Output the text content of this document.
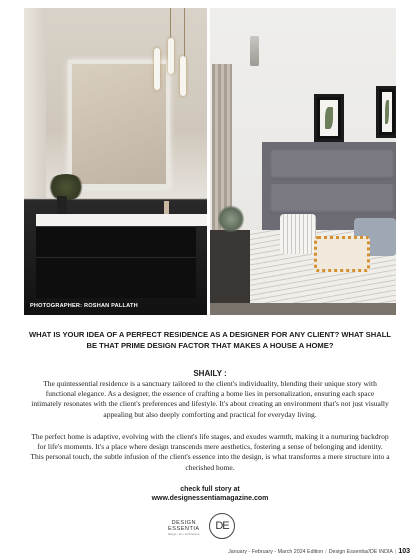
PHOTOGRAPHER: ROSHAN PALLATH
WHAT IS YOUR IDEA OF A PERFECT RESIDENCE AS A DESIGNER FOR ANY CLIENT? WHAT SHALL BE THAT PRIME DESIGN FACTOR THAT MAKES A HOUSE A HOME?
SHAILY :

The quintessential residence is a sanctuary tailored to the client's individuality, blending their unique story with functional elegance. As a designer, the essence of crafting a home lies in personalization, ensuring each space intimately resonates with the client's preferences and lifestyle. It's about creating an environment that's not just visually appealing but also deeply comforting and practical for everyday living.

The perfect home is adaptive, evolving with the client's life stages, and exudes warmth, making it a nurturing backdrop for life's moments. It's a place where design transcends mere aesthetics, fostering a sense of belonging and identity. This personal touch, the subtle infusion of the client's essence into the design, is what transforms a mere structure into a cherished home.

check full story at
www.designessentiamagazine.com
DESIGN
ESSENTIA
design • art • architecture
DE
January - February - March 2024 Edition / Design Essentia//DE INDIA | 103
